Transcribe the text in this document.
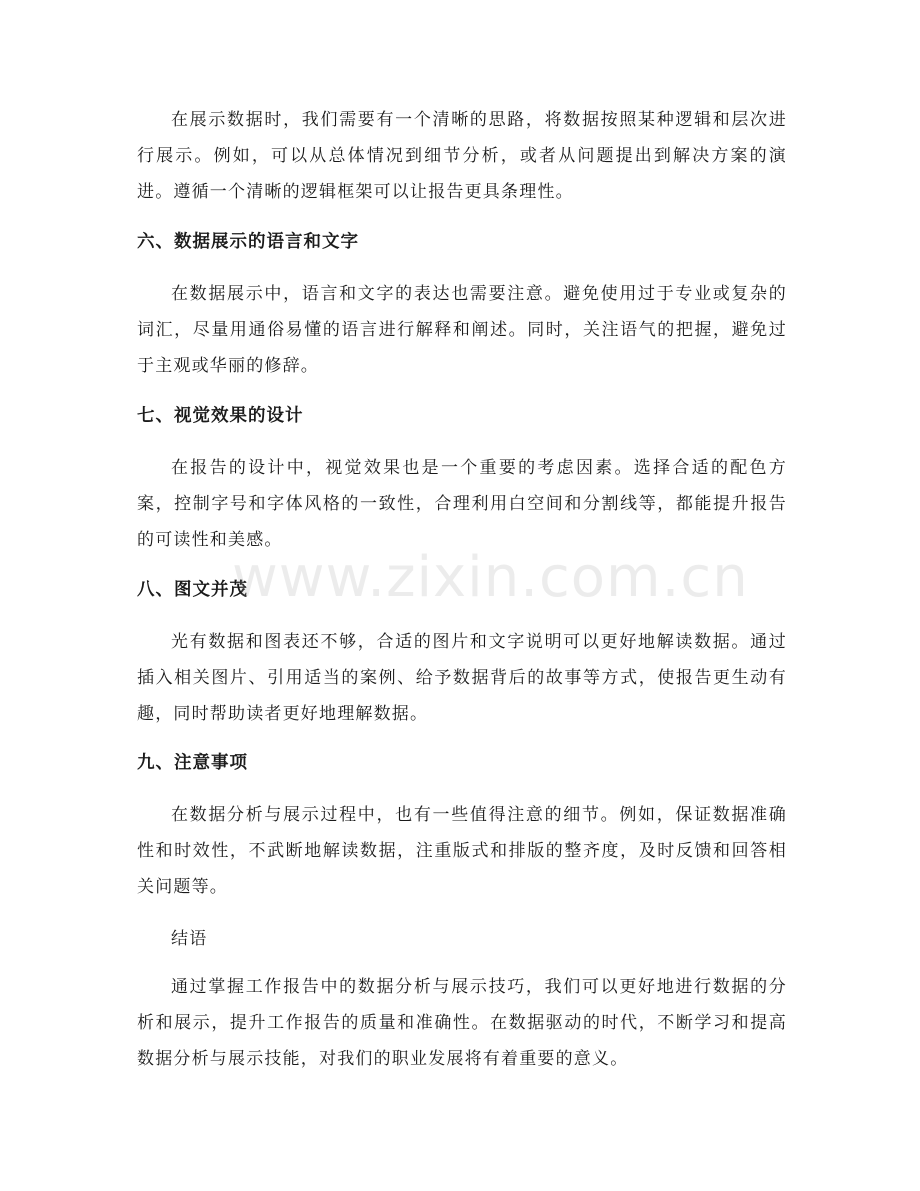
在展示数据时，我们需要有一个清晰的思路，将数据按照某种逻辑和层次进行展示。例如，可以从总体情况到细节分析，或者从问题提出到解决方案的演进。遵循一个清晰的逻辑框架可以让报告更具条理性。

六、数据展示的语言和文字

在数据展示中，语言和文字的表达也需要注意。避免使用过于专业或复杂的词汇，尽量用通俗易懂的语言进行解释和阐述。同时，关注语气的把握，避免过于主观或华丽的修辞。

七、视觉效果的设计

在报告的设计中，视觉效果也是一个重要的考虑因素。选择合适的配色方案，控制字号和字体风格的一致性，合理利用白空间和分割线等，都能提升报告的可读性和美感。

八、图文并茂

光有数据和图表还不够，合适的图片和文字说明可以更好地解读数据。通过插入相关图片、引用适当的案例、给予数据背后的故事等方式，使报告更生动有趣，同时帮助读者更好地理解数据。

九、注意事项

在数据分析与展示过程中，也有一些值得注意的细节。例如，保证数据准确性和时效性，不武断地解读数据，注重版式和排版的整齐度，及时反馈和回答相关问题等。

结语

通过掌握工作报告中的数据分析与展示技巧，我们可以更好地进行数据的分析和展示，提升工作报告的质量和准确性。在数据驱动的时代，不断学习和提高数据分析与展示技能，对我们的职业发展将有着重要的意义。

www.zixin.com.cn
